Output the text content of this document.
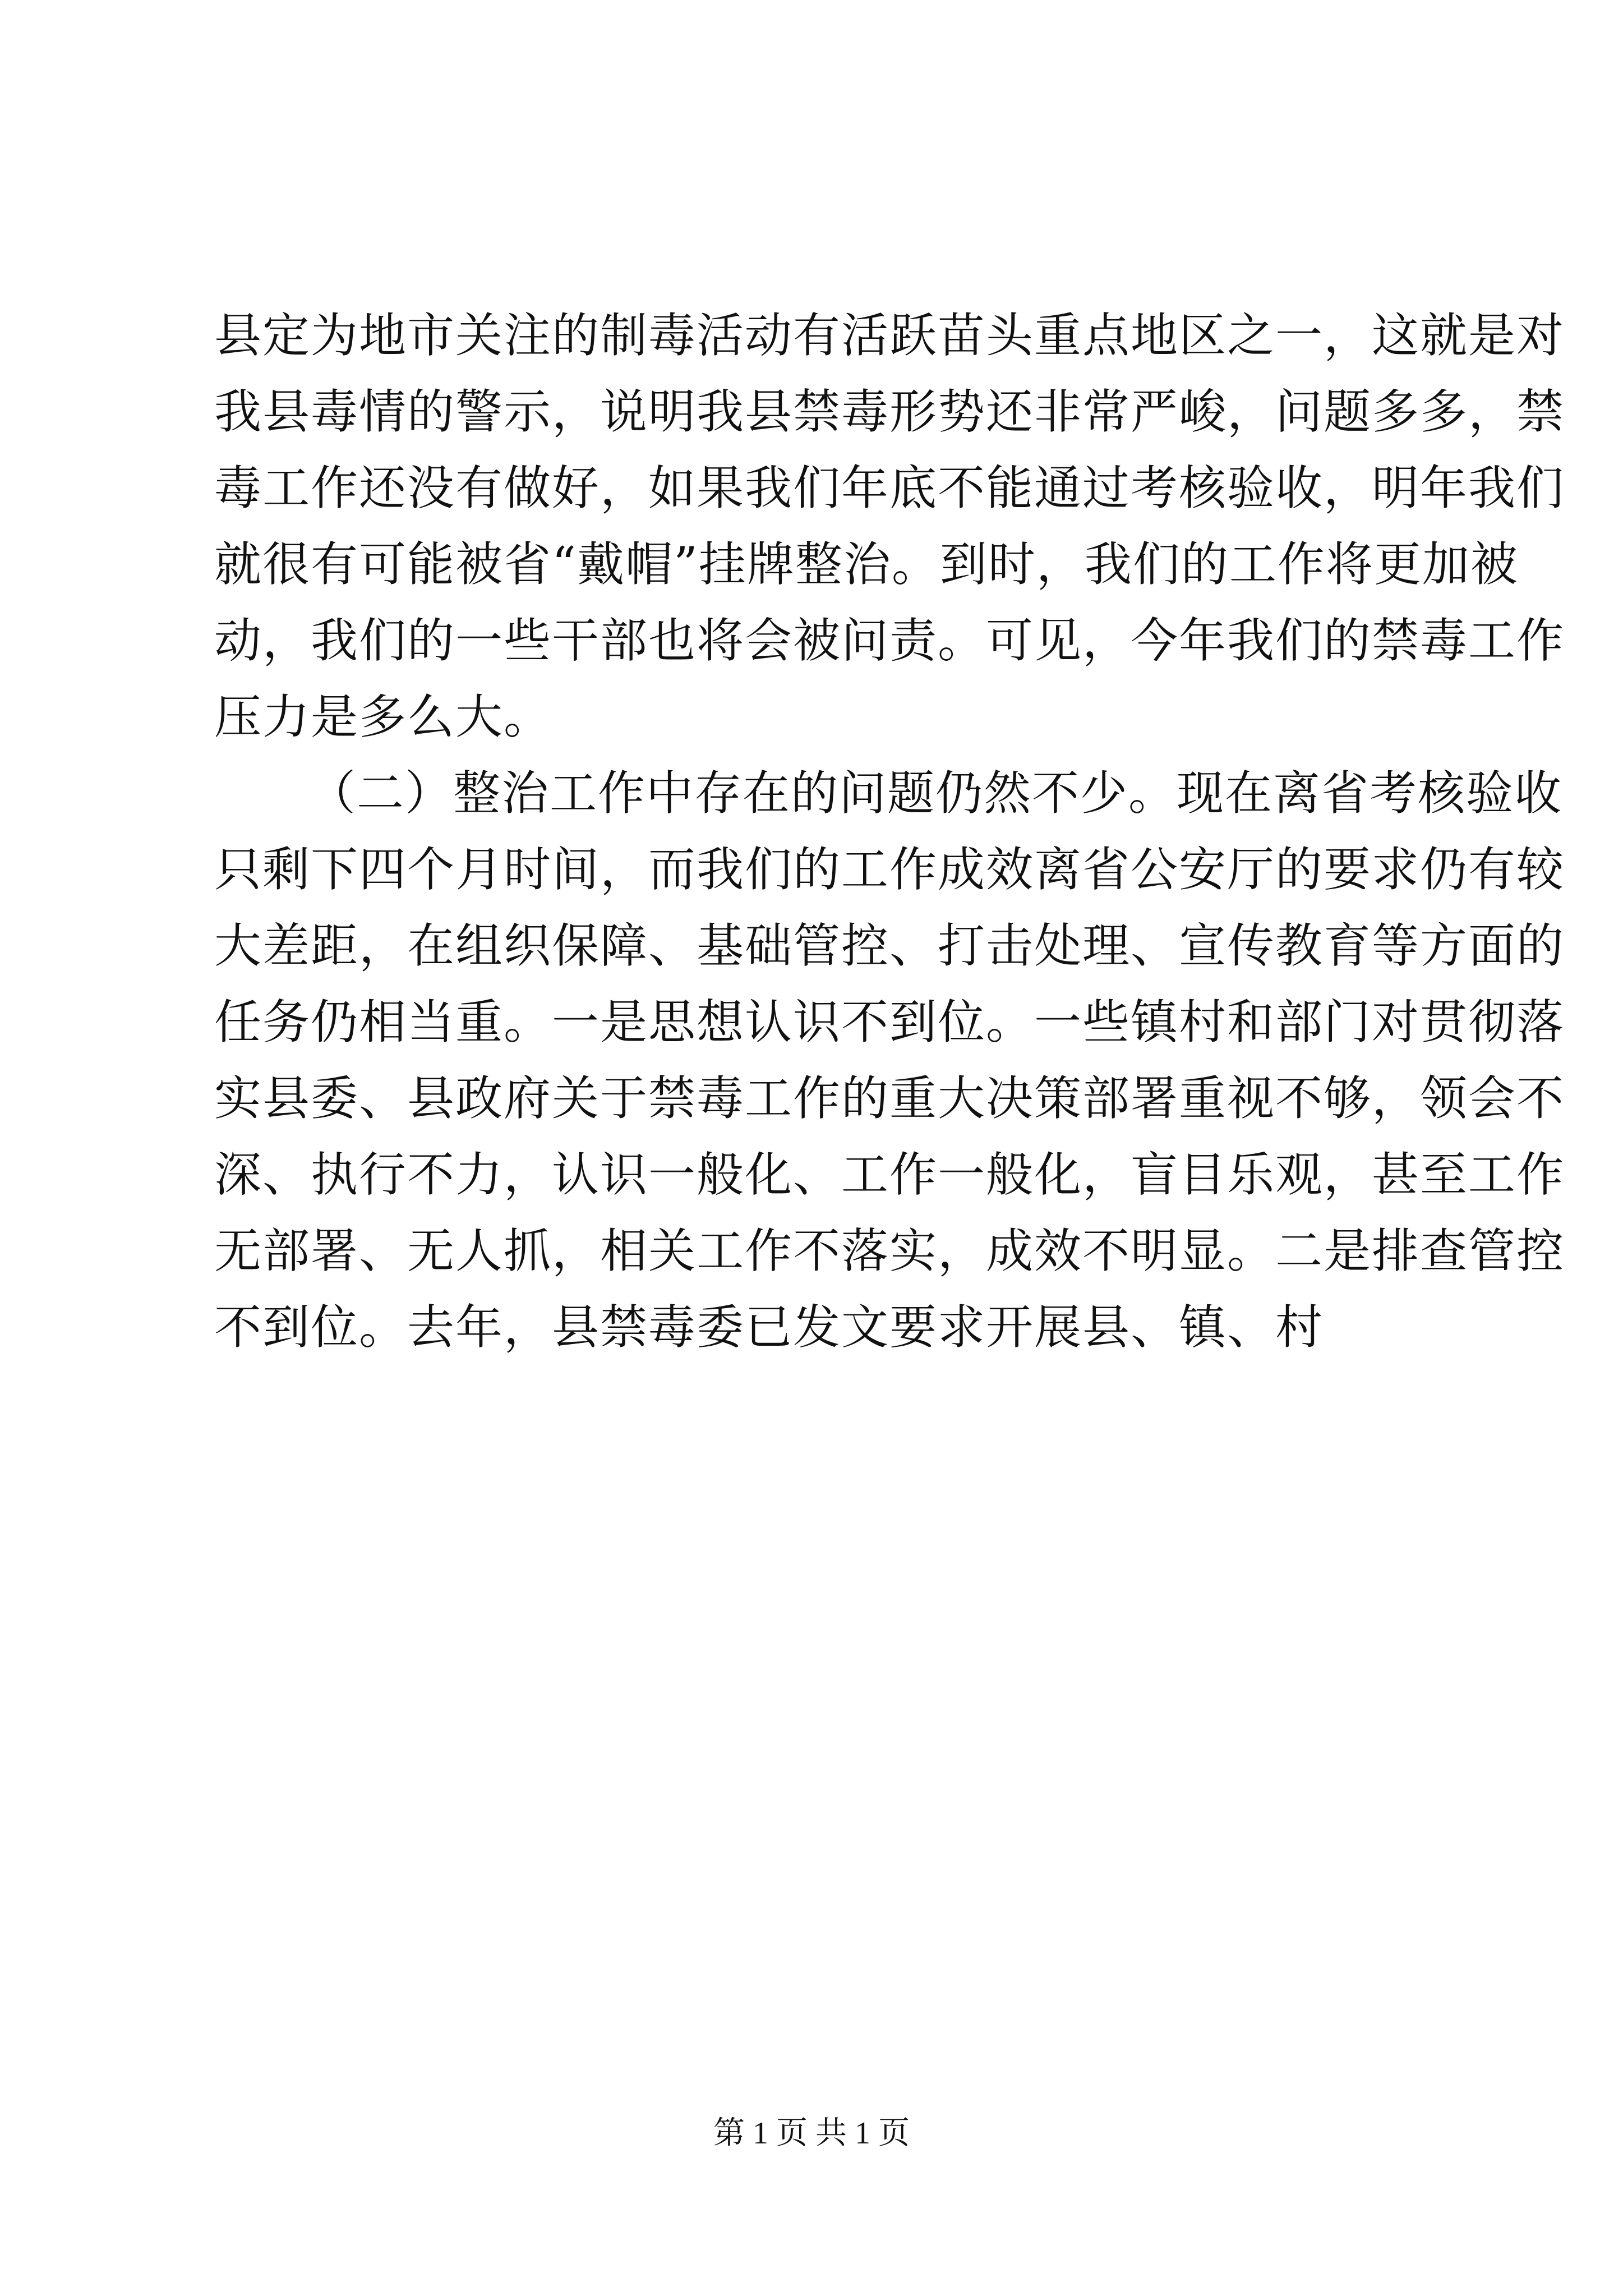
县定为地市关注的制毒活动有活跃苗头重点地区之一，这就是对
我县毒情的警示，说明我县禁毒形势还非常严峻，问题多多，禁
毒工作还没有做好，如果我们年底不能通过考核验收，明年我们
就很有可能被省“戴帽”挂牌整治。到时，我们的工作将更加被
动，我们的一些干部也将会被问责。可见，今年我们的禁毒工作
压力是多么大。
（二）整治工作中存在的问题仍然不少。现在离省考核验收
只剩下四个月时间，而我们的工作成效离省公安厅的要求仍有较
大差距，在组织保障、基础管控、打击处理、宣传教育等方面的
任务仍相当重。一是思想认识不到位。一些镇村和部门对贯彻落
实县委、县政府关于禁毒工作的重大决策部署重视不够，领会不
深、执行不力，认识一般化、工作一般化，盲目乐观，甚至工作
无部署、无人抓，相关工作不落实，成效不明显。二是排查管控
不到位。去年，县禁毒委已发文要求开展县、镇、村
第 1 页 共 1 页
